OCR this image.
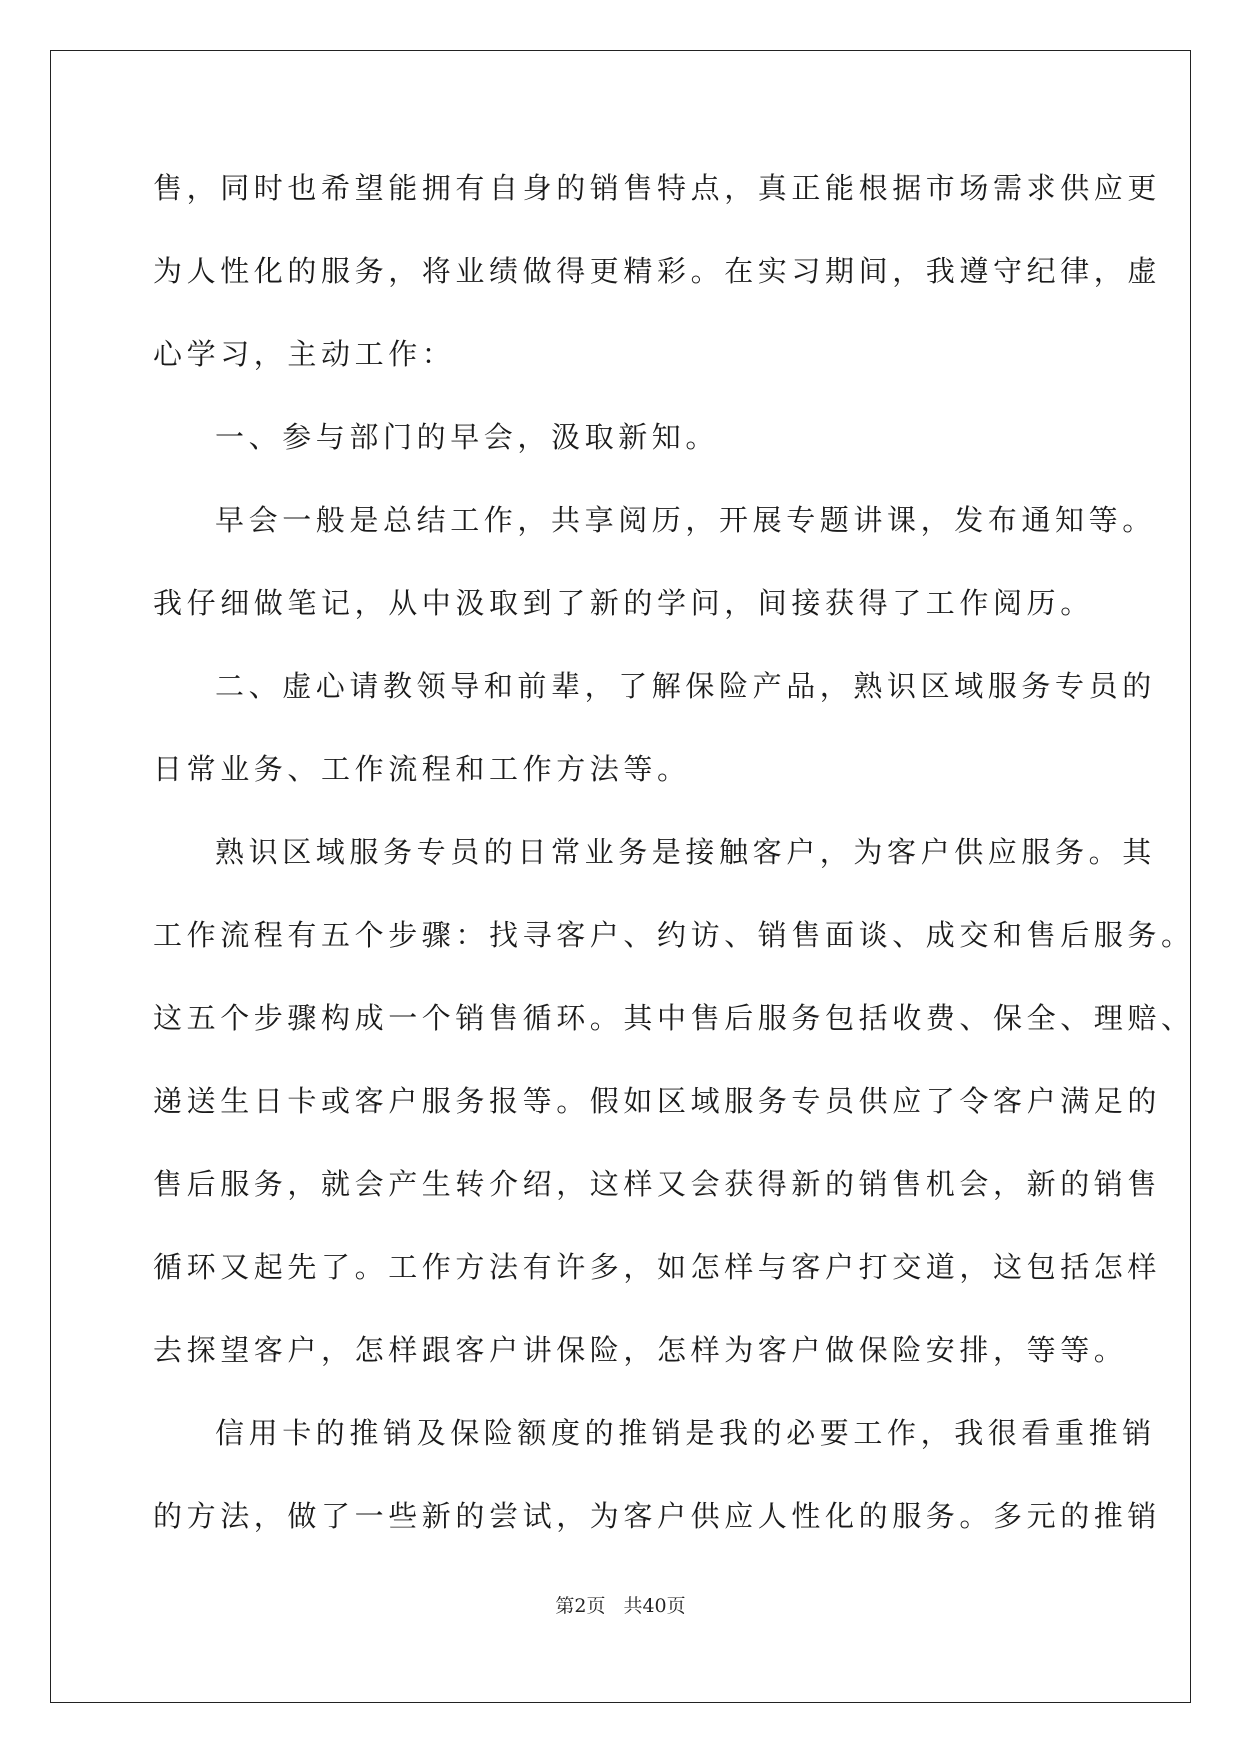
售，同时也希望能拥有自身的销售特点，真正能根据市场需求供应更
为人性化的服务，将业绩做得更精彩。在实习期间，我遵守纪律，虚
心学习，主动工作：
一、参与部门的早会，汲取新知。
早会一般是总结工作，共享阅历，开展专题讲课，发布通知等。
我仔细做笔记，从中汲取到了新的学问，间接获得了工作阅历。
二、虚心请教领导和前辈，了解保险产品，熟识区域服务专员的
日常业务、工作流程和工作方法等。
熟识区域服务专员的日常业务是接触客户，为客户供应服务。其
工作流程有五个步骤：找寻客户、约访、销售面谈、成交和售后服务。
这五个步骤构成一个销售循环。其中售后服务包括收费、保全、理赔、
递送生日卡或客户服务报等。假如区域服务专员供应了令客户满足的
售后服务，就会产生转介绍，这样又会获得新的销售机会，新的销售
循环又起先了。工作方法有许多，如怎样与客户打交道，这包括怎样
去探望客户，怎样跟客户讲保险，怎样为客户做保险安排，等等。
信用卡的推销及保险额度的推销是我的必要工作，我很看重推销
的方法，做了一些新的尝试，为客户供应人性化的服务。多元的推销
第2页 共40页
